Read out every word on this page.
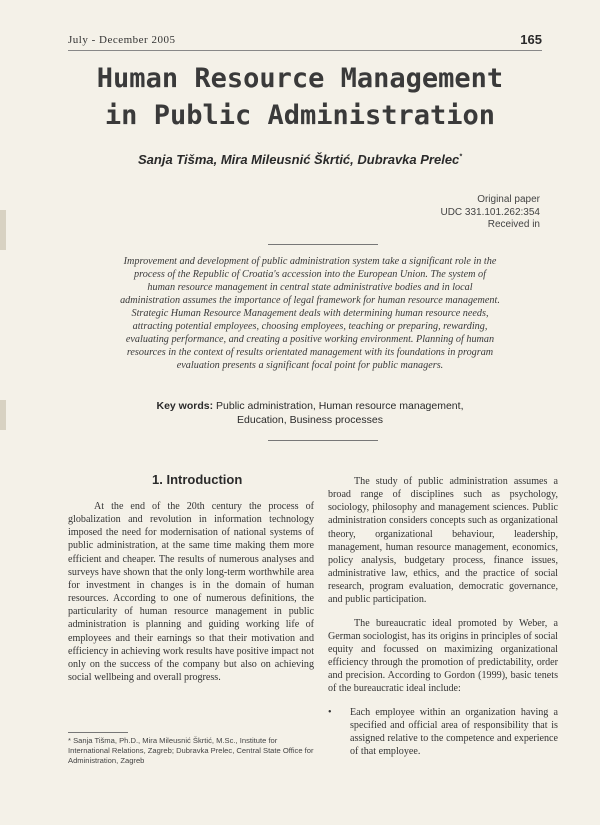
July - December 2005	165
Human Resource Management
in Public Administration
Sanja Tišma, Mira Mileusnić Škrtić, Dubravka Prelec*
Original paper
UDC 331.101.262:354
Received in
Improvement and development of public administration system take a significant role in the process of the Republic of Croatia's accession into the European Union. The system of human resource management in central state administrative bodies and in local administration assumes the importance of legal framework for human resource management. Strategic Human Resource Management deals with determining human resource needs, attracting potential employees, choosing employees, teaching or preparing, rewarding, evaluating performance, and creating a positive working environment. Planning of human resources in the context of results orientated management with its foundations in program evaluation presents a significant focal point for public managers.
Key words: Public administration, Human resource management, Education, Business processes
1. Introduction

At the end of the 20th century the process of globalization and revolution in information technology imposed the need for modernisation of national systems of public administration, at the same time making them more efficient and cheaper. The results of numerous analyses and surveys have shown that the only long-term worthwhile area for investment in changes is in the domain of human resources. According to one of numerous definitions, the particularity of human resource management in public administration is planning and guiding working life of employees and their earnings so that their motivation and efficiency in achieving work results have positive impact not only on the success of the company but also on achieving social wellbeing and overall progress.

The study of public administration assumes a broad range of disciplines such as psychology, sociology, philosophy and management sciences. Public administration considers concepts such as organizational theory, organizational behaviour, leadership, management, human resource management, economics, policy analysis, budgetary process, finance issues, administrative law, ethics, and the practice of social research, program evaluation, democratic governance, and public participation.

The bureaucratic ideal promoted by Weber, a German sociologist, has its origins in principles of social equity and focussed on maximizing organizational efficiency through the promotion of predictability, order and precision. According to Gordon (1999), basic tenets of the bureaucratic ideal include:

•	Each employee within an organization having a specified and official area of responsibility that is assigned relative to the competence and experience of that employee.

* Sanja Tišma, Ph.D., Mira Mileusnić Škrtić, M.Sc., Institute for International Relations, Zagreb; Dubravka Prelec, Central State Office for Administration, Zagreb
